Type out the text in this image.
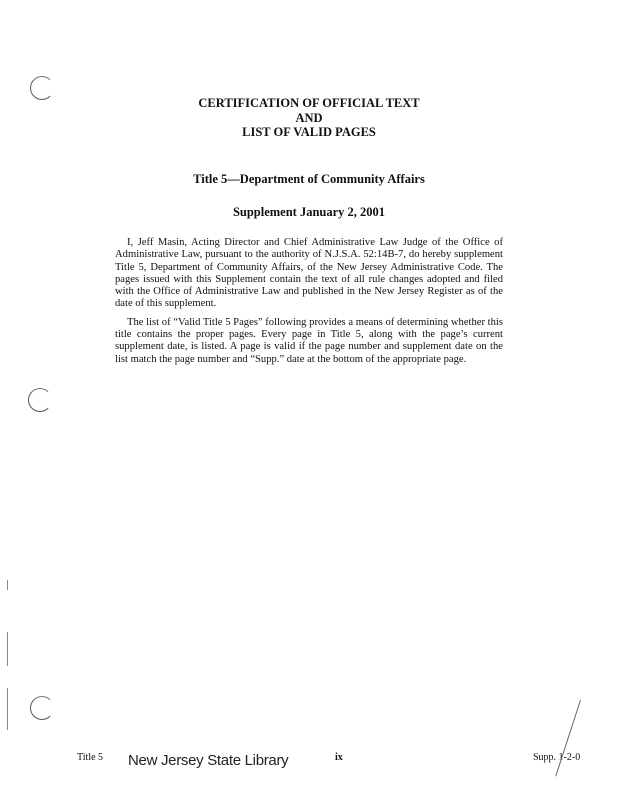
CERTIFICATION OF OFFICIAL TEXT
AND
LIST OF VALID PAGES
Title 5—Department of Community Affairs
Supplement January 2, 2001

I, Jeff Masin, Acting Director and Chief Administrative Law Judge of the Office of Administrative Law, pursuant to the authority of N.J.S.A. 52:14B-7, do hereby supplement Title 5, Department of Community Affairs, of the New Jersey Administrative Code. The pages issued with this Supplement contain the text of all rule changes adopted and filed with the Office of Administrative Law and published in the New Jersey Register as of the date of this supplement.

The list of “Valid Title 5 Pages” following provides a means of determining whether this title contains the proper pages. Every page in Title 5, along with the page’s current supplement date, is listed. A page is valid if the page number and supplement date on the list match the page number and “Supp.” date at the bottom of the appropriate page.

Title 5 New Jersey State Library	ix	Supp. 1-2-0
